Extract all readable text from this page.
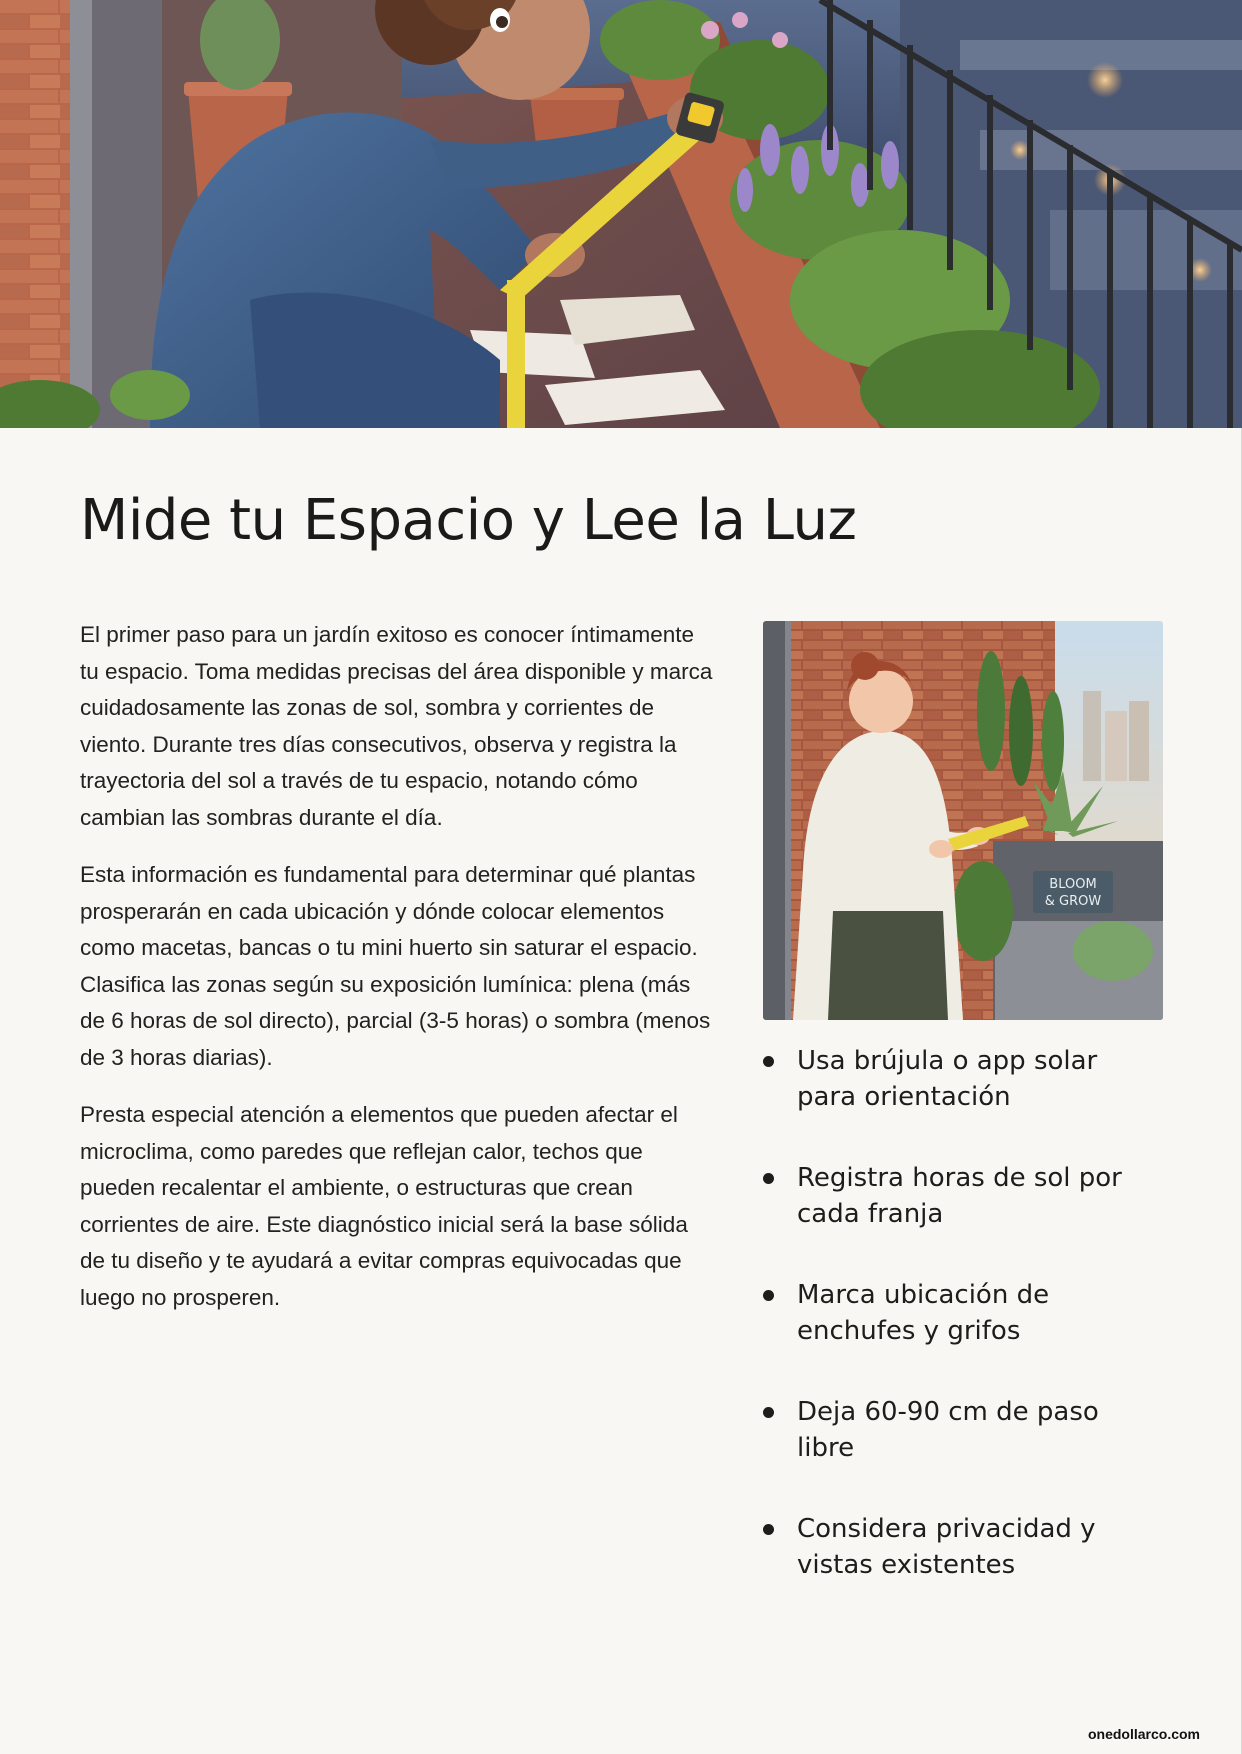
Mide tu Espacio y Lee la Luz

El primer paso para un jardín exitoso es conocer íntimamente tu espacio. Toma medidas precisas del área disponible y marca cuidadosamente las zonas de sol, sombra y corrientes de viento. Durante tres días consecutivos, observa y registra la trayectoria del sol a través de tu espacio, notando cómo cambian las sombras durante el día.

Esta información es fundamental para determinar qué plantas prosperarán en cada ubicación y dónde colocar elementos como macetas, bancas o tu mini huerto sin saturar el espacio. Clasifica las zonas según su exposición lumínica: plena (más de 6 horas de sol directo), parcial (3-5 horas) o sombra (menos de 3 horas diarias).

Presta especial atención a elementos que pueden afectar el microclima, como paredes que reflejan calor, techos que pueden recalentar el ambiente, o estructuras que crean corrientes de aire. Este diagnóstico inicial será la base sólida de tu diseño y te ayudará a evitar compras equivocadas que luego no prosperen.

BLOOM
& GROW
Usa brújula o app solar para orientación
Registra horas de sol por cada franja
Marca ubicación de enchufes y grifos
Deja 60-90 cm de paso libre
Considera privacidad y vistas existentes
onedollarco.com
